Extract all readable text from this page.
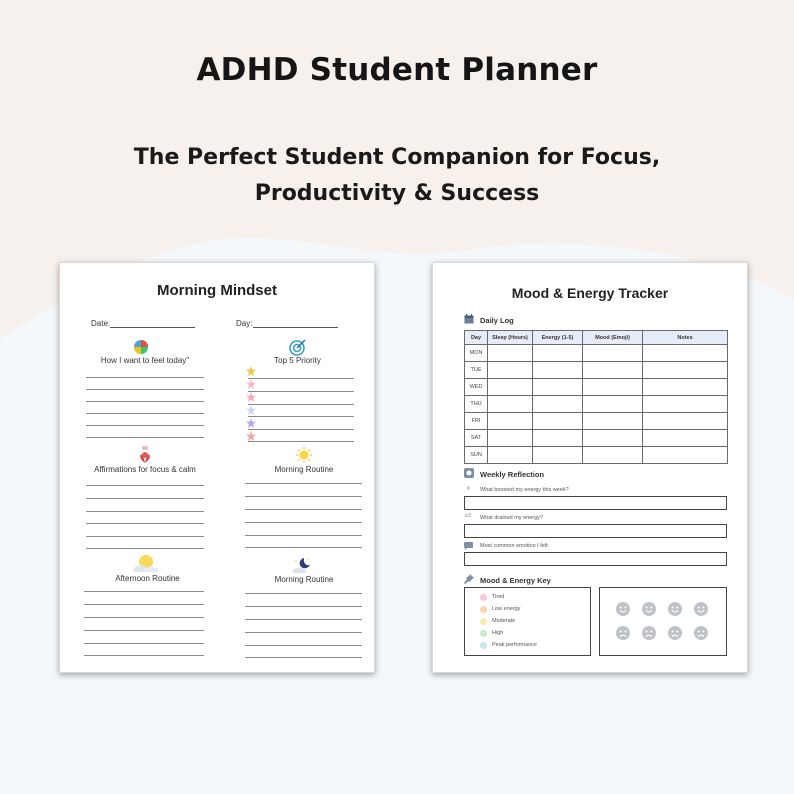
ADHD Student Planner
The Perfect Student Companion for Focus,
Productivity & Success
Morning Mindset
Date:	Day:
How I want to feel today"	Top 5 Priority
Affirmations for focus & calm	Morning Routine
Afternoon Routine	Morning Routine
Mood & Energy Tracker
Daily Log
Day	Sleep (Hours)	Energy (1-5)	Mood (Emoji)	Notes
MON				
TUE				
WED				
THU				
FRI				
SAT				
SUN				
Weekly Reflection
✦ What boosted my energy this week?
zZ What drained my energy?
Most common emotion I felt:
Mood & Energy Key
Tired
Low energy
Moderate
High
Peak performance
